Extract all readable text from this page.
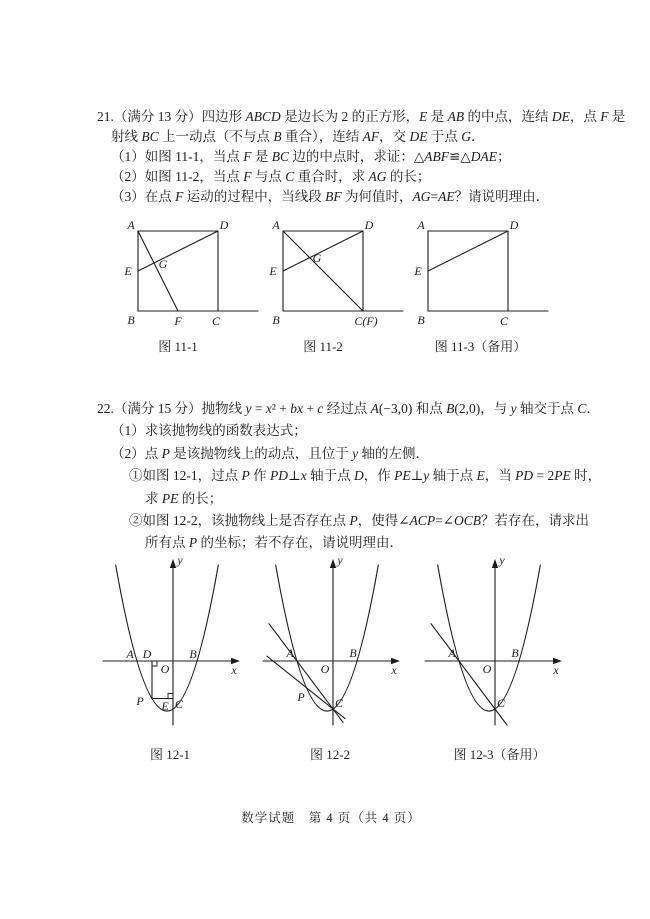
21.（满分 13 分）四边形 ABCD 是边长为 2 的正方形，E 是 AB 的中点，连结 DE，点 F 是
射线 BC 上一动点（不与点 B 重合），连结 AF，交 DE 于点 G．
（1）如图 11-1，当点 F 是 BC 边的中点时，求证：△ABF≌△DAE；
（2）如图 11-2，当点 F 与点 C 重合时，求 AG 的长；
（3）在点 F 运动的过程中，当线段 BF 为何值时，AG=AE？请说明理由．
A	D
E G
B	F	C
图 11-1
A	D
E
G
B	C(F)
图 11-2
A	D
E
B	C
图 11-3（备用）
22.（满分 15 分）抛物线 y = x² + bx + c 经过点 A(−3,0) 和点 B(2,0)，与 y 轴交于点 C．
（1）求该抛物线的函数表达式；
（2）点 P 是该抛物线上的动点，且位于 y 轴的左侧．
①如图 12-1，过点 P 作 PD⊥x 轴于点 D，作 PE⊥y 轴于点 E，当 PD = 2PE 时，
求 PE 的长；
②如图 12-2，该抛物线上是否存在点 P，使得∠ACP=∠OCB？若存在，请求出
所有点 P 的坐标；若不存在，请说明理由．
y
x
O
A D	B
P E C
图 12-1
y
x
O
A	B
P	C
图 12-2
y
x
O
A	B
C
图 12-3（备用）
数学试题　第 4 页（共 4 页）
